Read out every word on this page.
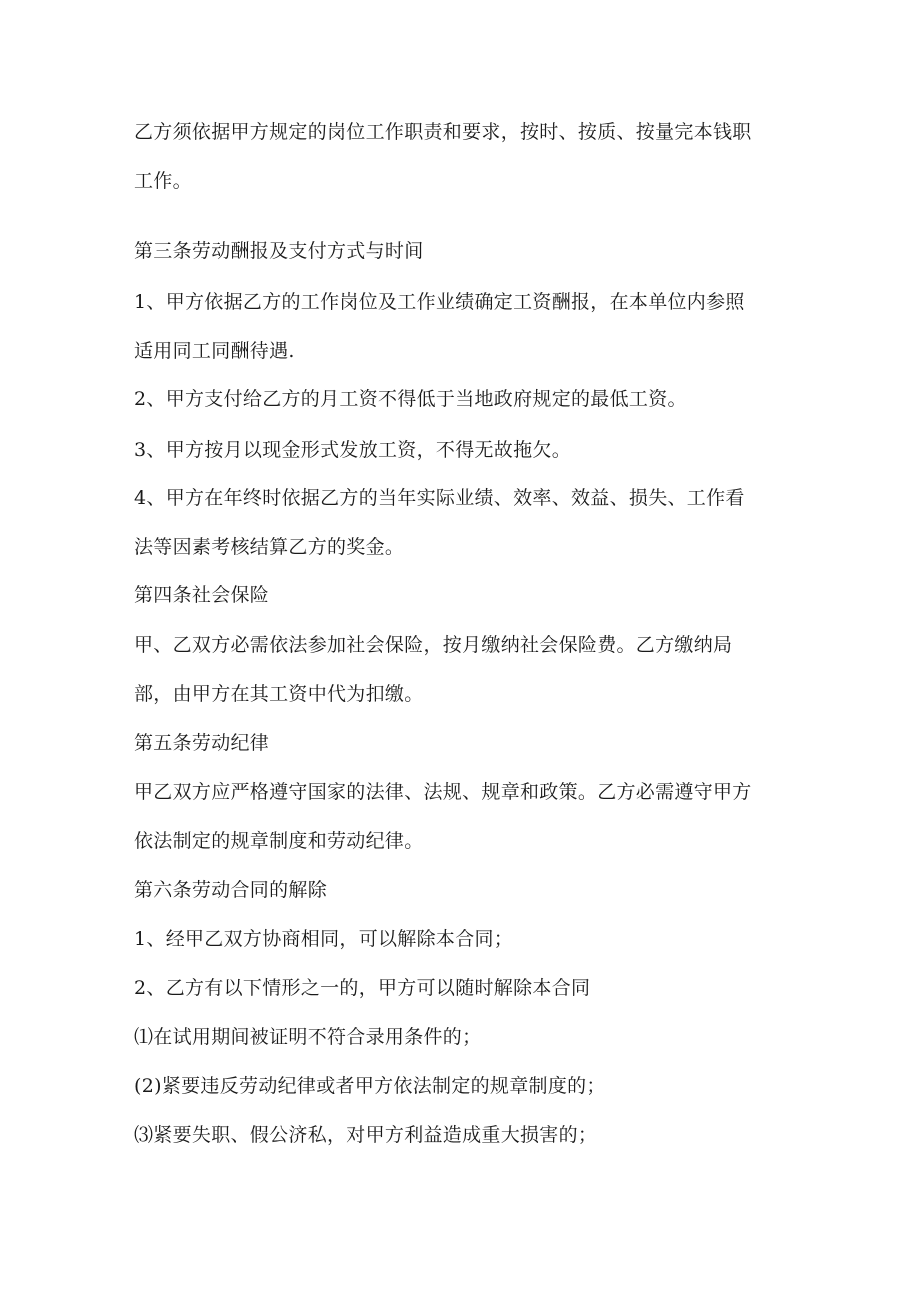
乙方须依据甲方规定的岗位工作职责和要求，按时、按质、按量完本钱职

工作。

第三条劳动酬报及支付方式与时间

1、甲方依据乙方的工作岗位及工作业绩确定工资酬报，在本单位内参照

适用同工同酬待遇.

2、甲方支付给乙方的月工资不得低于当地政府规定的最低工资。

3、甲方按月以现金形式发放工资，不得无故拖欠。

4、甲方在年终时依据乙方的当年实际业绩、效率、效益、损失、工作看

法等因素考核结算乙方的奖金。

第四条社会保险

甲、乙双方必需依法参加社会保险，按月缴纳社会保险费。乙方缴纳局

部，由甲方在其工资中代为扣缴。

第五条劳动纪律

甲乙双方应严格遵守国家的法律、法规、规章和政策。乙方必需遵守甲方

依法制定的规章制度和劳动纪律。

第六条劳动合同的解除

1、经甲乙双方协商相同，可以解除本合同；

2、乙方有以下情形之一的，甲方可以随时解除本合同

⑴在试用期间被证明不符合录用条件的；

(2)紧要违反劳动纪律或者甲方依法制定的规章制度的；

⑶紧要失职、假公济私，对甲方利益造成重大损害的；
